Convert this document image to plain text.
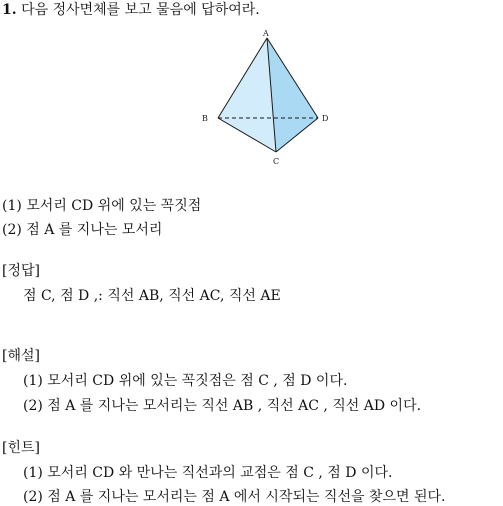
1. 다음 정사면체를 보고 물음에 답하여라.
A
B
C
D
(1) 모서리 CD 위에 있는 꼭짓점
(2) 점 A 를 지나는 모서리
[정답]
점 C, 점 D ,: 직선 AB, 직선 AC, 직선 AE
[해설]
(1) 모서리 CD 위에 있는 꼭짓점은 점 C , 점 D 이다.
(2) 점 A 를 지나는 모서리는 직선 AB , 직선 AC , 직선 AD 이다.
[힌트]
(1) 모서리 CD 와 만나는 직선과의 교점은 점 C , 점 D 이다.
(2) 점 A 를 지나는 모서리는 점 A 에서 시작되는 직선을 찾으면 된다.
